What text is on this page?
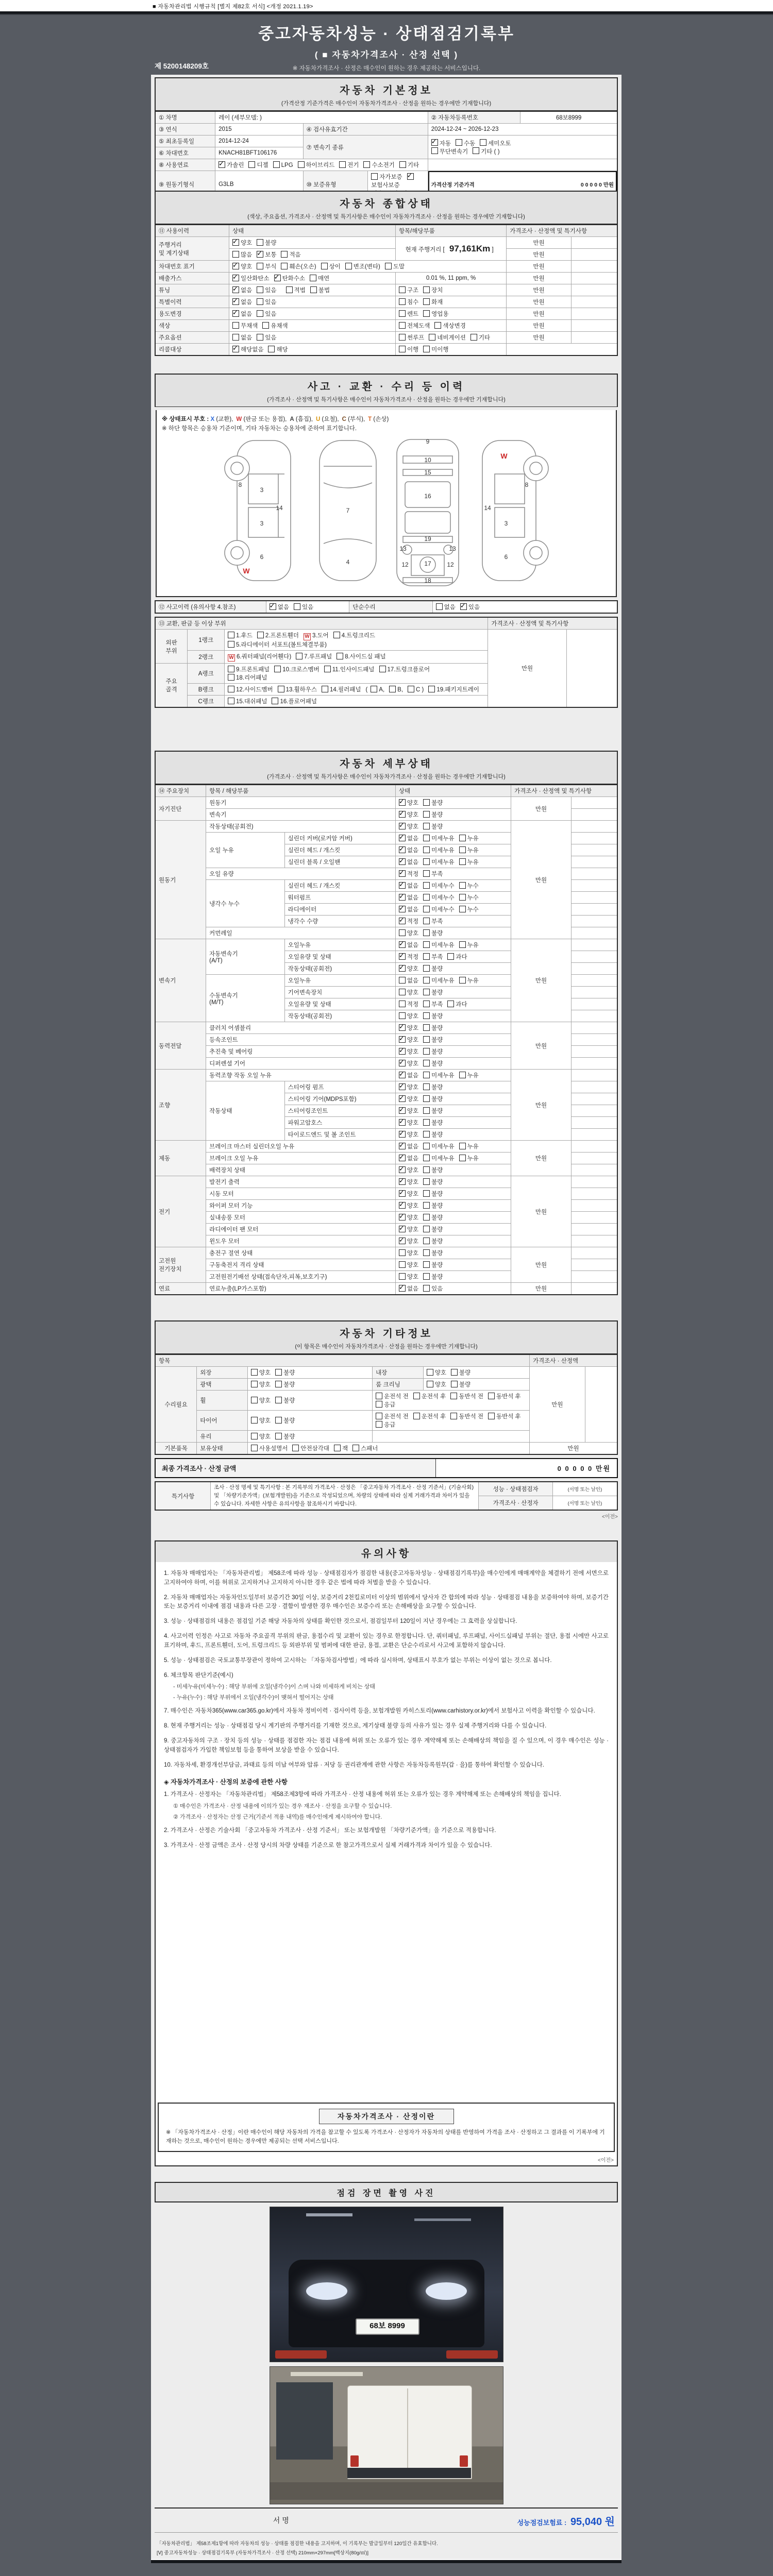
■ 자동차관리법 시행규칙 [별지 제82호 서식] <개정 2021.1.19>
중고자동차성능 · 상태점검기록부
( ■ 자동차가격조사 · 산정 선택 )
※ 자동차가격조사 · 산정은 매수인이 원하는 경우 제공하는 서비스입니다.
제 5200148209호
자동차 기본정보
(가격산정 기준가격은 매수인이 자동차가격조사 · 산정을 원하는 경우에만 기재합니다)
① 차명	레이 (세부모델: )			② 자동차등록번호	68보8999
③ 연식	2015	④ 검사유효기간		2024-12-24 ~ 2026-12-23	
⑤ 최초등록일	2014-12-24	⑦ 변속기 종류	✓자동 수동 세미오토
무단변속기 기타 ( )
⑥ 차대번호	KNACH81BFT106176				
⑧ 사용연료	✓가솔린 디젤 LPG 하이브리드 전기 수소전기 기타	
⑨ 원동기형식	G3LB	⑩ 보증유형	자가보증✓보험사보증	가격산정 기준가격 0 0 0 0 0 만원	
자동차 종합상태
(색상, 주요옵션, 가격조사 · 산정액 및 특기사항은 매수인이 자동차가격조사 · 산정을 원하는 경우에만 기재합니다)
⑪ 사용이력	상태	항목/해당부품	가격조사 · 산정액 및 특기사항	
주행거리
및 계기상태	✓양호 불량	현재 주행거리 [ 97,161Km ]	만원	
	많음 ✓ 보통 적음		만원	
차대번호 표기	✓양호 부식 훼손(오손) 상이 변조(변타) 도말		만원	
배출가스	✓일산화탄소 ✓ 탄화수소 매연	0.01 %, 11 ppm, %	만원	
튜닝	✓없음 있음 적법 불법	구조 장치	만원	
특별이력	✓없음 있음	침수 화재	만원	
용도변경	✓없음 있음	렌트 영업용	만원	
색상	무채색 유채색	전체도색 색상변경	만원	
주요옵션	없음 있음	썬루프 네비게이션 기타	만원	
리콜대상	✓해당없음 해당	이행 미이행		
사고 · 교환 · 수리 등 이력
(가격조사 · 산정액 및 특기사항은 매수인이 자동차가격조사 · 산정을 원하는 경우에만 기재합니다)
※ 상태표시 부호 : X (교환), W (판금 또는 용접), A (흠집), U (요철), C (부식), T (손상)
※ 하단 항목은 승용차 기준이며, 기타 자동차는 승용차에 준하여 표기합니다.
8
3
3
14
6
W
7
4
9
10
15
16
19
13	13
17
12	12
18
W
8
14
3
6
⑫ 사고이력 (유의사항 4.참조)	✓없음 있음	단순수리	없음 ✓ 있음
⑬ 교환, 판금 등 이상 부위			가격조사 · 산정액 및 특기사항	
외판
부위	1랭크	1.후드 2.프론트휀더 W 3.도어 4.트렁크리드
5.라디에이터 서포트(볼트체결부품)	만원	
	2랭크	W 6.쿼터패널(리어휀다) 7.루프패널 8.사이드실 패널		
주요
골격	A랭크	9.프론트패널 10.크로스멤버 11.인사이드패널 17.트렁크플로어
18.리어패널		
	B랭크	12.사이드멤버 13.휠하우스 14.필러패널 ( A, B, C ) 19.패키지트레이		
	C랭크	15.대쉬패널 16.플로어패널		
자동차 세부상태
(가격조사 · 산정액 및 특기사항은 매수인이 자동차가격조사 · 산정을 원하는 경우에만 기재합니다)
⑭ 주요장치	항목 / 해당부품		상태	가격조사 · 산정액 및 특기사항	
자기진단	원동기	✓양호 불량	만원	
	변속기	✓양호 불량	
원동기	작동상태(공회전)	✓양호 불량	만원	
	오일 누유	실린더 커버(로커암 커버)	✓없음 미세누유 누유	
		실린더 헤드 / 개스킷	✓없음 미세누유 누유	
		실린더 블록 / 오일팬	✓없음 미세누유 누유	
	오일 유량	✓적정 부족	
	냉각수 누수	실린더 헤드 / 개스킷	✓없음 미세누수 누수	
		워터펌프	✓없음 미세누수 누수	
		라디에이터	✓없음 미세누수 누수	
		냉각수 수량	✓적정 부족	
	커먼레일		양호 불량		
변속기	자동변속기
(A/T)	오일누유	✓없음 미세누유 누유	만원	
		오일유량 및 상태	✓적정 부족 과다	
		작동상태(공회전)	✓양호 불량	
	수동변속기
(M/T)	오일누유	없음 미세누유 누유		
		기어변속장치	양호 불량		
		오일유량 및 상태	적정 부족 과다		
		작동상태(공회전)	양호 불량		
동력전달	클러치 어셈블리	✓양호 불량	만원	
	등속조인트	✓양호 불량	
	추진축 및 베어링	✓양호 불량	
	디퍼렌셜 기어	✓양호 불량	
조향	동력조향 작동 오일 누유	✓없음 미세누유 누유	만원	
	작동상태	스티어링 펌프	✓양호 불량	
		스티어링 기어(MDPS포함)	✓양호 불량	
		스티어링조인트	✓양호 불량	
		파워고압호스	✓양호 불량	
		타이로드엔드 및 볼 조인트	✓양호 불량	
제동	브레이크 마스터 실린더오일 누유	✓없음 미세누유 누유	만원	
	브레이크 오일 누유	✓없음 미세누유 누유	
	배력장치 상태	✓양호 불량	
전기	발전기 출력	✓양호 불량	만원	
	시동 모터	✓양호 불량	
	와이퍼 모터 기능	✓양호 불량	
	실내송풍 모터	✓양호 불량	
	라디에이터 팬 모터	✓양호 불량	
	윈도우 모터	✓양호 불량	
고전원
전기장치	충전구 절연 상태		양호 불량	만원	
	구동축전지 격리 상태		양호 불량		
	고전원전기배선 상태(접속단자,피복,보호기구)		양호 불량		
연료	연료누출(LP가스포함)	✓없음 있음	만원	
자동차 기타정보
(이 항목은 매수인이 자동차가격조사 · 산정을 원하는 경우에만 기재합니다)
항목					가격조사 · 산정액	
수리필요	외장	양호 불량	내장	양호 불량	만원	
	광택	양호 불량	룸 크리닝	양호 불량		
	휠	양호 불량	운전석 전 운전석 후 동반석 전 동반석 후응급			
	타이어	양호 불량	운전석 전 운전석 후 동반석 전 동반석 후응급			
	유리	양호 불량				
기본품목	보유상태	사용설명서 안전삼각대 잭 스패너			만원	
최종 가격조사 · 산정 금액	0 0 0 0 0 만원
특기사항	조사 · 산정 명세 및 특기사항 : 본 기록부의 가격조사 · 산정은 「중고자동차 가격조사 · 산정 기준서」(기술사회) 및 「차량기준가액」(보험개발원)을 기준으로 작성되었으며, 차량의 상태에 따라 실제 거래가격과 차이가 있을 수 있습니다. 자세한 사항은 유의사항을 참조하시기 바랍니다.	성능 · 상태점검자	(서명 또는 날인)
		가격조사 · 산정자	(서명 또는 날인)
<이전>
유의사항
1. 자동차 매매업자는 「자동차관리법」 제58조에 따라 성능 · 상태점검자가 점검한 내용(중고자동차성능 · 상태점검기록부)을 매수인에게 매매계약을 체결하기 전에 서면으로 고지하여야 하며, 이를 허위로 고지하거나 고지하지 아니한 경우 같은 법에 따라 처벌을 받을 수 있습니다.
2. 자동차 매매업자는 자동차인도일부터 보증기간 30일 이상, 보증거리 2천킬로미터 이상의 범위에서 당사자 간 합의에 따라 성능 · 상태점검 내용을 보증하여야 하며, 보증기간 또는 보증거리 이내에 점검 내용과 다른 고장 · 결함이 발생한 경우 매수인은 보증수리 또는 손해배상을 요구할 수 있습니다.
3. 성능 · 상태점검의 내용은 점검일 기준 해당 자동차의 상태를 확인한 것으로서, 점검일부터 120일이 지난 경우에는 그 효력을 상실합니다.
4. 사고이력 인정은 사고로 자동차 주요골격 부위의 판금, 용접수리 및 교환이 있는 경우로 한정합니다. 단, 쿼터패널, 루프패널, 사이드실패널 부위는 절단, 용접 시에만 사고로 표기하며, 후드, 프론트휀더, 도어, 트렁크리드 등 외판부위 및 범퍼에 대한 판금, 용접, 교환은 단순수리로서 사고에 포함하지 않습니다.
5. 성능 · 상태점검은 국토교통부장관이 정하여 고시하는 「자동차검사방법」에 따라 실시하며, 상태표시 부호가 없는 부위는 이상이 없는 것으로 봅니다.
6. 체크항목 판단기준(예시)
- 미세누유(미세누수) : 해당 부위에 오일(냉각수)이 스며 나와 미세하게 비치는 상태
- 누유(누수) : 해당 부위에서 오일(냉각수)이 맺혀서 떨어지는 상태
7. 매수인은 자동차365(www.car365.go.kr)에서 자동차 정비이력 · 검사이력 등을, 보험개발원 카히스토리(www.carhistory.or.kr)에서 보험사고 이력을 확인할 수 있습니다.
8. 현재 주행거리는 성능 · 상태점검 당시 계기판의 주행거리를 기재한 것으로, 계기상태 불량 등의 사유가 있는 경우 실제 주행거리와 다를 수 있습니다.
9. 중고자동차의 구조 · 장치 등의 성능 · 상태를 점검한 자는 점검 내용에 허위 또는 오류가 있는 경우 계약해제 또는 손해배상의 책임을 질 수 있으며, 이 경우 매수인은 성능 · 상태점검자가 가입한 책임보험 등을 통하여 보상을 받을 수 있습니다.
10. 자동차세, 환경개선부담금, 과태료 등의 미납 여부와 압류 · 저당 등 권리관계에 관한 사항은 자동차등록원부(갑 · 을)를 통하여 확인할 수 있습니다.
◈ 자동차가격조사 · 산정의 보증에 관한 사항
1. 가격조사 · 산정자는 「자동차관리법」 제58조제3항에 따라 가격조사 · 산정 내용에 허위 또는 오류가 있는 경우 계약해제 또는 손해배상의 책임을 집니다.
① 매수인은 가격조사 · 산정 내용에 이의가 있는 경우 재조사 · 산정을 요구할 수 있습니다.
② 가격조사 · 산정자는 산정 근거(기준서 적용 내역)를 매수인에게 제시하여야 합니다.
2. 가격조사 · 산정은 기술사회 「중고자동차 가격조사 · 산정 기준서」 또는 보험개발원 「차량기준가액」을 기준으로 적용합니다.
3. 가격조사 · 산정 금액은 조사 · 산정 당시의 차량 상태를 기준으로 한 참고가격으로서 실제 거래가격과 차이가 있을 수 있습니다.
자동차가격조사 · 산정이란
※ 「자동차가격조사 · 산정」이란 매수인이 해당 자동차의 가격을 참고할 수 있도록 가격조사 · 산정자가 자동차의 상태를 반영하여 가격을 조사 · 산정하고 그 결과를 이 기록부에 기재하는 것으로, 매수인이 원하는 경우에만 제공되는 선택 서비스입니다.
<이전>
점검 장면 촬영 사진
68보 8999
서명	성능점검보험료 : 95,040 원
「자동차관리법」 제58조제1항에 따라 자동차의 성능 · 상태를 점검한 내용을 고지하며, 이 기록부는 발급일부터 120일간 유효합니다.
[Ⅴ] 중고자동차성능 · 상태점검기록부 (자동차가격조사 · 산정 선택) 210mm×297mm[백상지(80g/㎡)]
